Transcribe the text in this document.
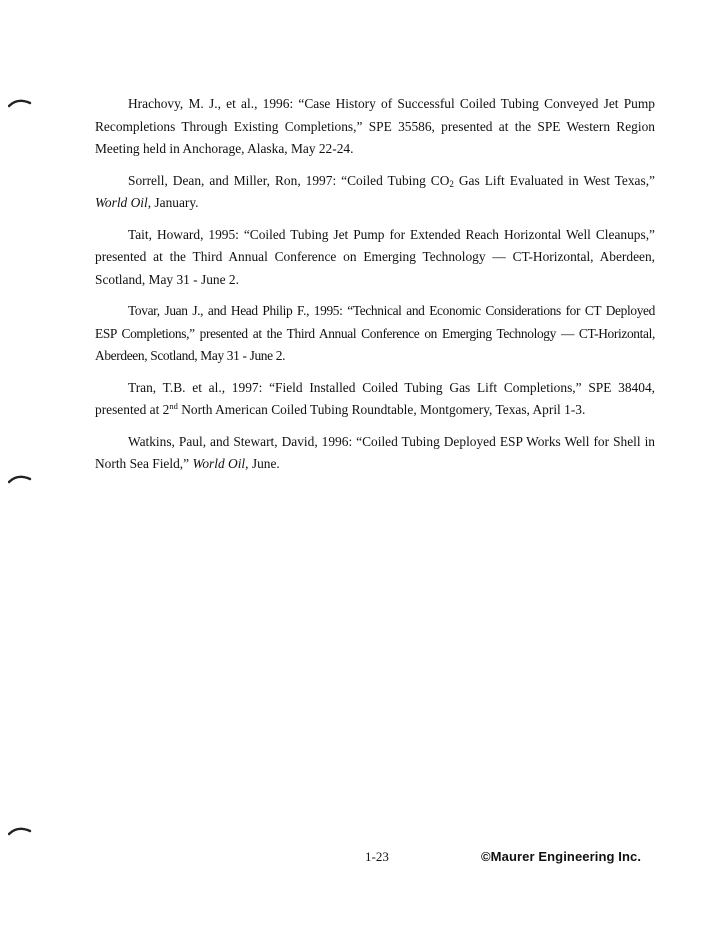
Hrachovy, M. J., et al., 1996: “Case History of Successful Coiled Tubing Conveyed Jet Pump Recompletions Through Existing Completions,” SPE 35586, presented at the SPE Western Region Meeting held in Anchorage, Alaska, May 22-24.

Sorrell, Dean, and Miller, Ron, 1997: “Coiled Tubing $CO_2$ Gas Lift Evaluated in West Texas,” World Oil, January.

Tait, Howard, 1995: “Coiled Tubing Jet Pump for Extended Reach Horizontal Well Cleanups,” presented at the Third Annual Conference on Emerging Technology — CT-Horizontal, Aberdeen, Scotland, May 31 - June 2.

Tovar, Juan J., and Head Philip F., 1995: “Technical and Economic Considerations for CT Deployed ESP Completions,” presented at the Third Annual Conference on Emerging Technology — CT-Horizontal, Aberdeen, Scotland, May 31 - June 2.

Tran, T.B. et al., 1997: “Field Installed Coiled Tubing Gas Lift Completions,” SPE 38404, presented at 2nd North American Coiled Tubing Roundtable, Montgomery, Texas, April 1-3.

Watkins, Paul, and Stewart, David, 1996: “Coiled Tubing Deployed ESP Works Well for Shell in North Sea Field,” World Oil, June.

1-23	©Maurer Engineering Inc.
